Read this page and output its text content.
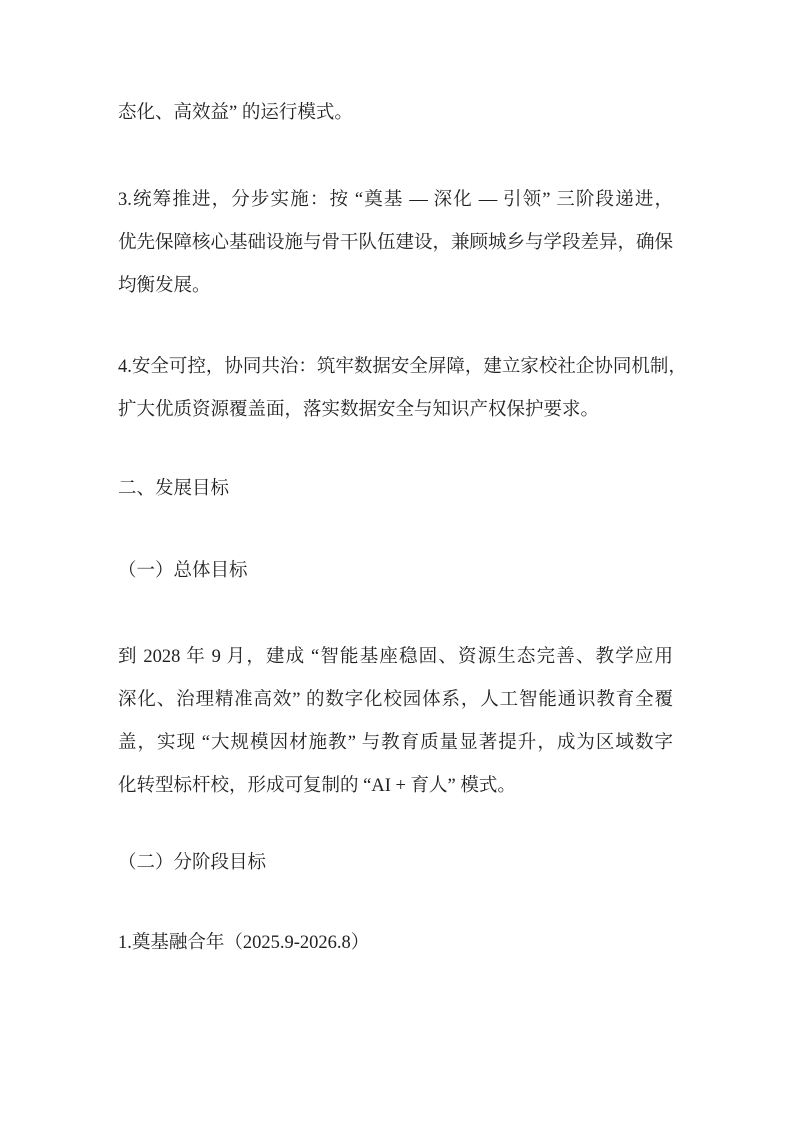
态化、高效益” 的运行模式。
3.统筹推进，分步实施：按 “奠基 — 深化 — 引领” 三阶段递进，
优先保障核心基础设施与骨干队伍建设，兼顾城乡与学段差异，确保
均衡发展。
4.安全可控，协同共治：筑牢数据安全屏障，建立家校社企协同机制，
扩大优质资源覆盖面，落实数据安全与知识产权保护要求。
二、发展目标
（一）总体目标
到 2028 年 9 月，建成 “智能基座稳固、资源生态完善、教学应用
深化、治理精准高效” 的数字化校园体系，人工智能通识教育全覆
盖，实现 “大规模因材施教” 与教育质量显著提升，成为区域数字
化转型标杆校，形成可复制的 “AI + 育人” 模式。
（二）分阶段目标
1.奠基融合年（2025.9-2026.8）
